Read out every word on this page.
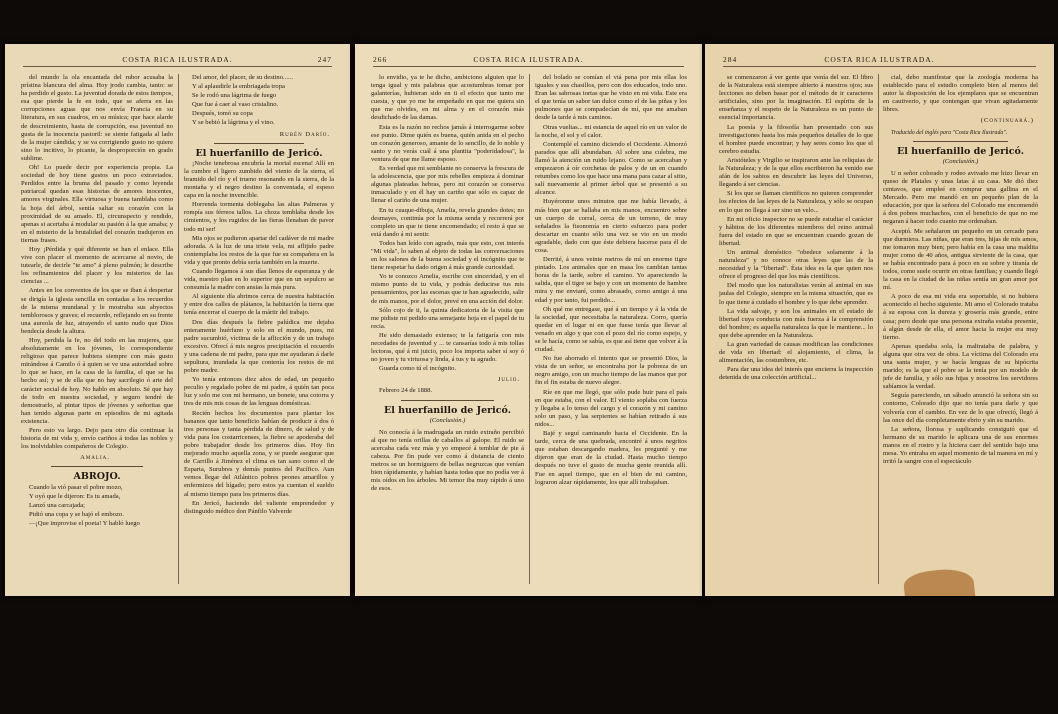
COSTA RICA ILUSTRADA.	247

del mundo la ola encantada del rubor acusaba la prístina blancura del alma. Hoy jrodo cambia, tanto: se ha perdido el gusto. La juventud dorada de estos tiempos, esa que pierde la fe en todo, que se aferra en las corrupciones aguas que nos envía Francia en su literatura, en sus cuadros, en su música; que hace alarde de descreimiento, hasta de corrupción, esa juventud no gusta de la inocencia pastoril: se siente fatigada al lado de la mujer cándida; y se va corrigiendo gusto no quiere sino lo incitivo, lo picante, la desproporción en grado sublime.

Oh! Lo puede decir por experiencia propia. La sociedad de hoy tiene gustos un poco extraviados. Perdidos entre la bruma del pasado y como leyenda patriarcal quedan esas historias de amores inocentes, amores virginales. Ella virtuosa y buena tamblaba como la hoja del árbol, sentía saltar su corazón con la proximidad de su amado. El, circunspecto y rendido, apenas si acertaba á modular su pasión á la que amaba; y en el misterio de la brutalidad del corazón tradujeron en tiernas frases.

Hoy ¡Pérdida y qué diferente se han el enlace. Ella vive con placer el momento de acercarse al novio, de tutearle, de decirle "te amo" á pleno pulmón; le describe los refinamientos del placer y los misterios de las ciencias ...

Antes en los conventos de los que se iban á despertar se dirigía la iglesia sencilla en contadas a los recuerdos de la misma mundanal y le mostraba sus abyectos temblorosos y graves; el recuerdo, reflejando en su frente una aureola de luz, atrayendo el santo nudo que Dios bendecía desde la altura.

Hoy, perdida la fe, no del todo en las mujeres, que absolutamente en los jóvenes, lo correspondiente religioso que parece hubiera siempre con más gusto mirándose á Camilo ó á quien se ve una autoridad sobre lo que se hace, en la casa de la familia, el que se ha hecho así; y se de ella que no hay sacrilegio ó arte del carácter social de hoy. No hablo en absoluto. Sé que hay de todo en nuestra sociedad, y seguro tendré de demostrarlo, al pintar tipos de jóvenes y señoritas que han tenido algunas parte en episodios de mi agitada existencia.

Pero esto va largo. Dejo para otro día continuar la historia de mi vida y, envío cariños á todas las nobles y los inolvidables compañeros de Colegio.

Amalia.
ABROJO.

Cuando la vió pasar el pobre mozo,

Y oyó que le dijeron: Es tu amada,

Lanzó una carcajada;

Pidió una copa y se bajó el embozo.

—¡Que improvise el poeta! Y habló luego

Del amor, del placer, de su destino......

Y al aplaudirle la embriagada tropa

Se le rodó una lágrima de fuego

Que fue á caer al vaso cristalino.

Después, tomó su copa

Y se bebió la lágrima y el vino.

Rubén Darío.
El huerfanillo de Jericó.

¡Noche tenebrosa encubría la mortal escena! Allí en la cumbre el ligero zumbido del viento de la sierra, el bramido del río y el trueno resonando en la sierra, de la montaña y el negro destino la conventada, el espeso capa en la noche invencible.

Horrenda tormenta doblegaba las altas Palmeras y rompía sus férreos tallos. La choza temblaba desde los cimientos, y los rugidos de las fieras llenaban de pavor todo mi ser!

Mis ojos se pudieron apartar del cadáver de mi madre adorada. A la luz de una triste vela, mi aflijido padre contemplaba los restos de la que fue su compañera en la vida y que pronto debía sería también en la muerte.

Cuando llegamos á sus días llenos de esperanza y de vida, nuestro plan en lo superior que en un sepulcro se consumía la madre con ansias la más pura.

Al siguiente día abrimos cerca de nuestra habitación y entre dos calles de plátanos, la habitación la tierra que tenía encerrar el cuerpo de la mártir del trabajo.

Dos días después la fiebre palúdica me dejaba enteramente huérfano y solo en el mundo, pues, mi padre sucumbió, víctima de la aflicción y de un trabajo excesivo. Ofrecí á mis negros precipitación el recuerdo y una cadena de mi padre, para que me ayudaran á darle sepultura, inundada la que contenía los restos de mi pobre madre.

Yo tenía entonces diez años de edad, un pequeño peculio y regalado pobre de mi padre, á quién tan poca luz y solo me con mi hermano, un bonete, una cotorra y tres de mis mis cosas de las lenguas domésticas.

Recién hechos los documentos para plantar los bananos que tanto beneficio habían de producir á dos ó tres personas y tanta pérdida de dinero, de salud y de vida para los costarricenses, la fiebre se apoderaba del pobre trabajador desde los primeros días. Hoy fin mejorado mucho aquella zona, y se puede asegurar que de Carrillo á Jiménez el clima es tan sano como el de Esparta, Surubres y demás puntos del Pacífico. Aun vemos llegar del Atlántico pobres peones amarillos y enfermizos del hígado; pero estos ya cuentan el sueldo al mismo tiempo para los primeros días.

En Jericó, haciendo del valiente emprendedor y distinguido médico don Pánfilo Valverde

266	COSTA RICA ILUSTRADA.

lo envidio, ya te he dicho, ambiciono alguien que lo tenga igual y mis palabras que acostumbras tomar por galanterías, hubieran sido en ti el efecto que tanto me cuesta, y que yo me he empeñado en que me quiera sin que me olvides, en mi alma y en el corazón más desdichado de las damas.

Esta es la razón no rechos jamás á interrogarme sobre ese punto. Dime quién es buena, quién anida en el pecho un corazón generoso, amante de lo sencillo, de lo noble y santo y no verás cuál á una plantita "poderidadosa", la ventura de que me llame esposo.

Es verdad que mi semblante no conserva la frescura de la adolescencia, que por mis rebelles empieza á dominar algunas plateadas hebras, pero mi corazón se conserva inmaculado y en él hay un cariño que sólo es capaz de llenar el cariño de una mujer.

En tu cuaque-dibuja, Amelia, revela grandes dotes; no desmayes, continúa por la misma senda y recorrerá por completo un que te tiene encomendado; el resto á que se está dando á mi sentir.

Todos han leído con agrado, más que esto, con interés "Mi vida", lo saben al objeto de todas las conversaciones en los salones de la buena sociedad y el incógnito que te tiene respetar ha dado origen á más grande curiosidad.

Yo te conozco Amelia, escribe con sinceridad, y en el mismo punto de tu vida, y podrás deducirse tus mis pensamientos, por las escenas que te han agradecido, salir de mis manos, por el dolor, prevé en una acción del dolor.

Sólo cojo de ti, la quinta dedicatoria de la visita que me pidiste mi pedido una semejante hoja en el papel de tu recia.

He sido demasiado extenso; te la fatigaría con mis necedades de juventud y ... te cansarías todo á mis tollas lectoras, qué á mi juicio, poco los importa saber sí soy ó no joven y tu virtuosa y linda, á tus y tu agrado.

Guarda como tú el incógnito.

Julio.

Febrero 24 de 1888.

El huerfanillo de Jericó.
(Conclusión.)

No conocía á la madrugada un ruido extraño percibió al que no tenía orillas de caballos al galope. El ruido se acercaba cada vez más y yo empecé á temblar de pie á cabeza. Por fin pude ver como á distancia de ciento metros se un hormiguero de bellas negruzcas que venían bien rápidamente, y habían hasta todas que no podía ver á mis oídos en los árboles. Mi temor iba muy rápido á uno de esos.

del bolado se comían el viá pena por mis ellas los iguales y sus chasillos, pero con dos educados, todo uno. Eran las sabrosas tortas que he visto en mi vida. Este era el que tenía un sabor tan dulce como el de las piñas y los pulmones que se compadecían de mí, que me amaban desde la tarde á mis caminos.

Otras vueltas... mi estancia de aquel río en un valor de la noche, el sol y el calor.

Contemplé el camino diciendo el Occidente. Almorzó parados que allí abundaban. Al sobre una culebra, me llamó la atención un ruido lejano. Como se acercaban y empezaron á oír corchetas de palos y de un en cuando retumbes como los que hace una mana para cazar al sitio, salí nuevamente al primer árbol que se presentó a su alcance.

Huyéronme unos minutos que me había llevado, á más bien que se hallaba en mis manos, encuentro sobre un cuerpo de corral, cerca de un terreno, de muy señalados la fisonomía en cierto esfuerzo para poder descartar en cuanto sólo una vez se vio en un modo agradable, dado con que éste debiera hacerse para él de cosa.

Derrité, á unos veinte metros de mí un enorme tigre pintado. Los animales que en masa los cambian tantas horas de la tarde, sobre el camino. Yo apareciendo la salida, que el tigre se bajo y con un momento de hambre mira y me enviaré, como abrasado, como amigo á una edad y por tanto, fui perdido...

Oh qué me entregase, qué á un tiempo y á la vida de la sociedad, que necesitaba la naturaleza. Corro, quería quedar en el lugar ni en que fuese tenía que llevar al venado en algo y que con el pozo del río como espejo, y se le hacía, como se sabía, es que así tiene que volver á la ciudad.

No fue ahorrado el intento que se presentó Dios, la vista de un señor, se encontraba por la pobreza de un negro amigo, con un mucho tiempo de las manos que por fin el fin estaba de nuevo alegre.

Ríe en que me llegó, que sólo pude huir para el país en que estaba, con el valor. El viento soplaba con fuerza y llegaba a lo tenso del cargo y el corazón y mi camino solo un paso, y las serpientes se habían retirado á sus nidos...

Bajé y seguí caminando hacia el Occidente. En la tarde, cerca de una quebrada, encontré á unos negritos que estaban descargando madera, les pregunté y me dijeron que eran de la ciudad. Hasta mucho tiempo después no tuve el gusto de mucha gente reunida allí. Fue en aquel tiempo, que en el bien de mi camino, lograron alzar rápidamente, los que allí trabajaban.

284	COSTA RICA ILUSTRADA.

se comenzaron á ver gente que venía del sur. El libro de la Naturaleza está siempre abierto á nuestros ojos; sus lecciones no deben basar por el método de ir caracteres artificiales, sino por la imaginación. El espíritu de la enseñanza y el respeto de la Naturaleza es un punto de esencial importancia.

La poesía y la filosofía han presentado con sus investigaciones hasta los más pequeños detalles de lo que el hombre puede encontrar; y hay seres como los que el cerebro estudia.

Aristóteles y Virgilio se inspiraron ante las reliquias de la Naturaleza; y de la que ellos escribieron ha venido ese afán de los sabios en descubrir las leyes del Universo, llegando á ser ciencias.

Si los que se llaman científicos no quieren comprender los efectos de las leyes de la Naturaleza, y sólo se ocupan en lo que no llega á ser sino un velo...

En mi oficio inspector no se puede estudiar el carácter y hábitos de los diferentes miembros del reino animal fuera del estado en que se encuentran cuando gozan de libertad.

Un animal doméstico "obedece solamente á la naturaleza" y no conoce otras leyes que las de la necesidad y la "libertad". Ésta idea es la que quien nos ofrece el progreso del que los más científicos.

Del modo que los naturalistas verán al animal en sus jaulas del Colegio, siempre en la misma situación, que es lo que tiene á cuidado el hombre y lo que debe aprender.

La vida salvaje, y son los animales en el estado de libertad cuya conducta con más fuerza á la comprensión del hombre; es aquella naturaleza la que le mantiene... lo que debe aprender en la Naturaleza.

La gran variedad de causas modifican las condiciones de vida en libertad: el alojamiento, el clima, la alimentación, las costumbres, etc.

Para dar una idea del interés que encierra la inspección detenida de una colección artificial...

cial, debo manifestar que la zoología moderna ha establecido para el estudio completo bien al menos del autor la disposición de los ejemplares que se encuentran en cautiverio, y que contengan que vivan agitadamente libres.

(Continuará.)

Traducido del inglés para "Costa Rica Ilustrada".

El huerfanillo de Jericó.
(Conclusión.)

U n señor colorado y rodeo avivado me hizo llevar en queso de Platales y unas latas á su casa. Me dió diez centavos, que empleé en comprar una gallina en el Mercado. Pero me mandó en un pequeño plan de la educación, por que la señora del Colorado me encomendó á dos pobres muchachos, con el beneficio de que no me negaran á hacer todo cuanto me ordenaban.

Aceptó. Me señalaron un pequeño en un cercado para que durmiera. Las niñas, que eran tres, hijas de mis amos, me tomaron muy bien; pero había en la casa una maldita mujer como de 40 años, antigua sirviente de la casa, que se había encontrado para á poco en su sobre y tiranía de todos, como suele ocurrir en otras familias; y cuando llegó la casa en la ciudad de las niñas sentía un gran amor por mí.

A poco de esa mi vida era soportable, si no hubiera acontecido el hecho siguiente. Mi amo el Colorado trataba á su esposa con la dureza y grosería más grande, entre casa; pero desde que una persona extraña estaba presente, á algún desde de ella, el amor hacia la mujer era muy tierno.

Apenas quedaba sola, la maltrataba de palabra, y alguna que otra vez de obra. La víctima del Colorado era una santa mujer, y se hacía lenguas de su hipócrita marido; es la que el pobre se la tenía por un modelo de jefe de familia, y sólo sus hijas y nosotros los servidores sabíamos la verdad.

Seguía pareciendo, un sábado anunció la señora sin su contorno, Colorado dijo que no tenía para darle y que volvería con el cambio. En vez de lo que ofreció, llegó á las once del día completamente ebrio y sin su marido.

La señora, llorosa y suplicando consiguió que el hermano de su marido le aplicara una de sus enormes manos en el rostro y la hiciera caer del sentido bajo una mesa. Yo entraba en aquel momento de tal manera en mí y irritó la sangre con el espectáculo
